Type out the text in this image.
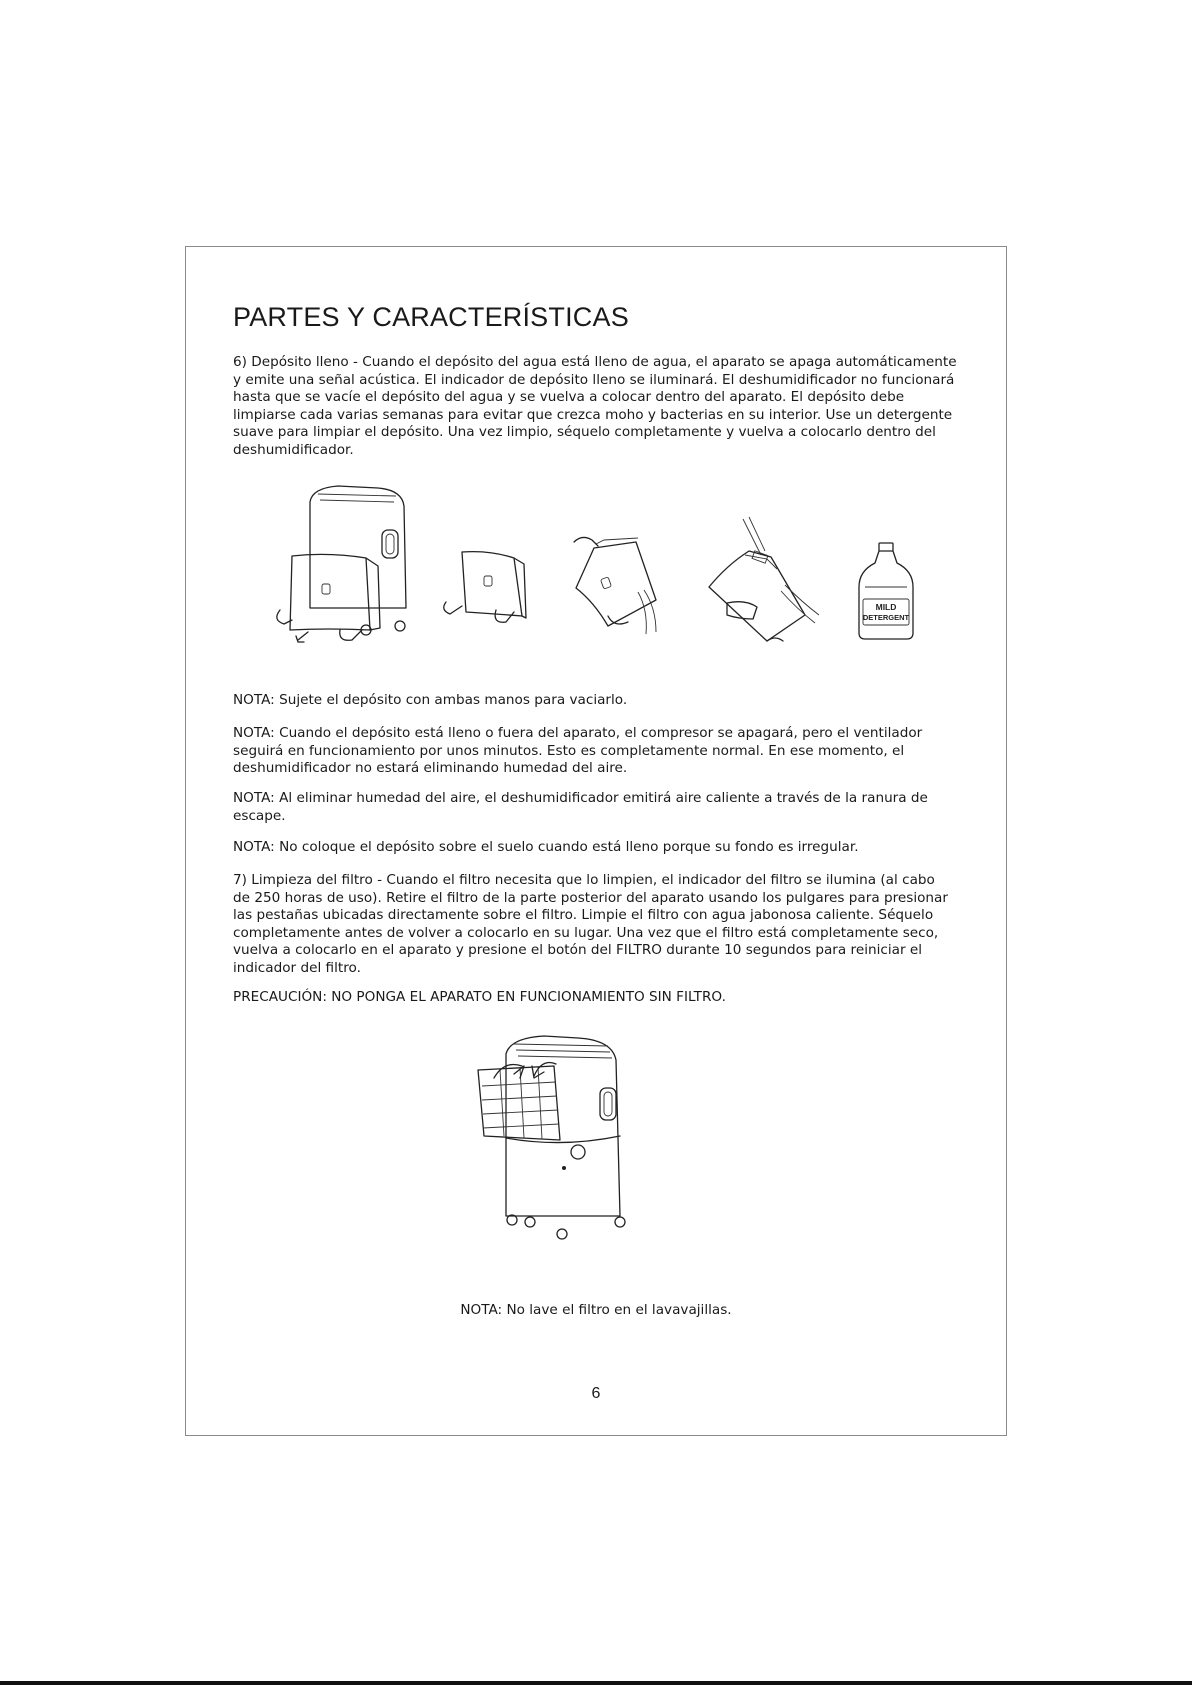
PARTES Y CARACTERÍSTICAS
6) Depósito lleno - Cuando el depósito del agua está lleno de agua, el aparato se apaga automáticamente
y emite una señal acústica. El indicador de depósito lleno se iluminará. El deshumidificador no funcionará
hasta que se vacíe el depósito del agua y se vuelva a colocar dentro del aparato. El depósito debe
limpiarse cada varias semanas para evitar que crezca moho y bacterias en su interior. Use un detergente
suave para limpiar el depósito. Una vez limpio, séquelo completamente y vuelva a colocarlo dentro del
deshumidificador.
MILD
DETERGENT

NOTA: Sujete el depósito con ambas manos para vaciarlo.

NOTA: Cuando el depósito está lleno o fuera del aparato, el compresor se apagará, pero el ventilador
seguirá en funcionamiento por unos minutos. Esto es completamente normal. En ese momento, el
deshumidificador no estará eliminando humedad del aire.
NOTA: Al eliminar humedad del aire, el deshumidificador emitirá aire caliente a través de la ranura de
escape.

NOTA: No coloque el depósito sobre el suelo cuando está lleno porque su fondo es irregular.

7) Limpieza del filtro - Cuando el filtro necesita que lo limpien, el indicador del filtro se ilumina (al cabo
de 250 horas de uso). Retire el filtro de la parte posterior del aparato usando los pulgares para presionar
las pestañas ubicadas directamente sobre el filtro. Limpie el filtro con agua jabonosa caliente. Séquelo
completamente antes de volver a colocarlo en su lugar. Una vez que el filtro está completamente seco,
vuelva a colocarlo en el aparato y presione el botón del FILTRO durante 10 segundos para reiniciar el
indicador del filtro.

PRECAUCIÓN: NO PONGA EL APARATO EN FUNCIONAMIENTO SIN FILTRO.

NOTA: No lave el filtro en el lavavajillas.
6
